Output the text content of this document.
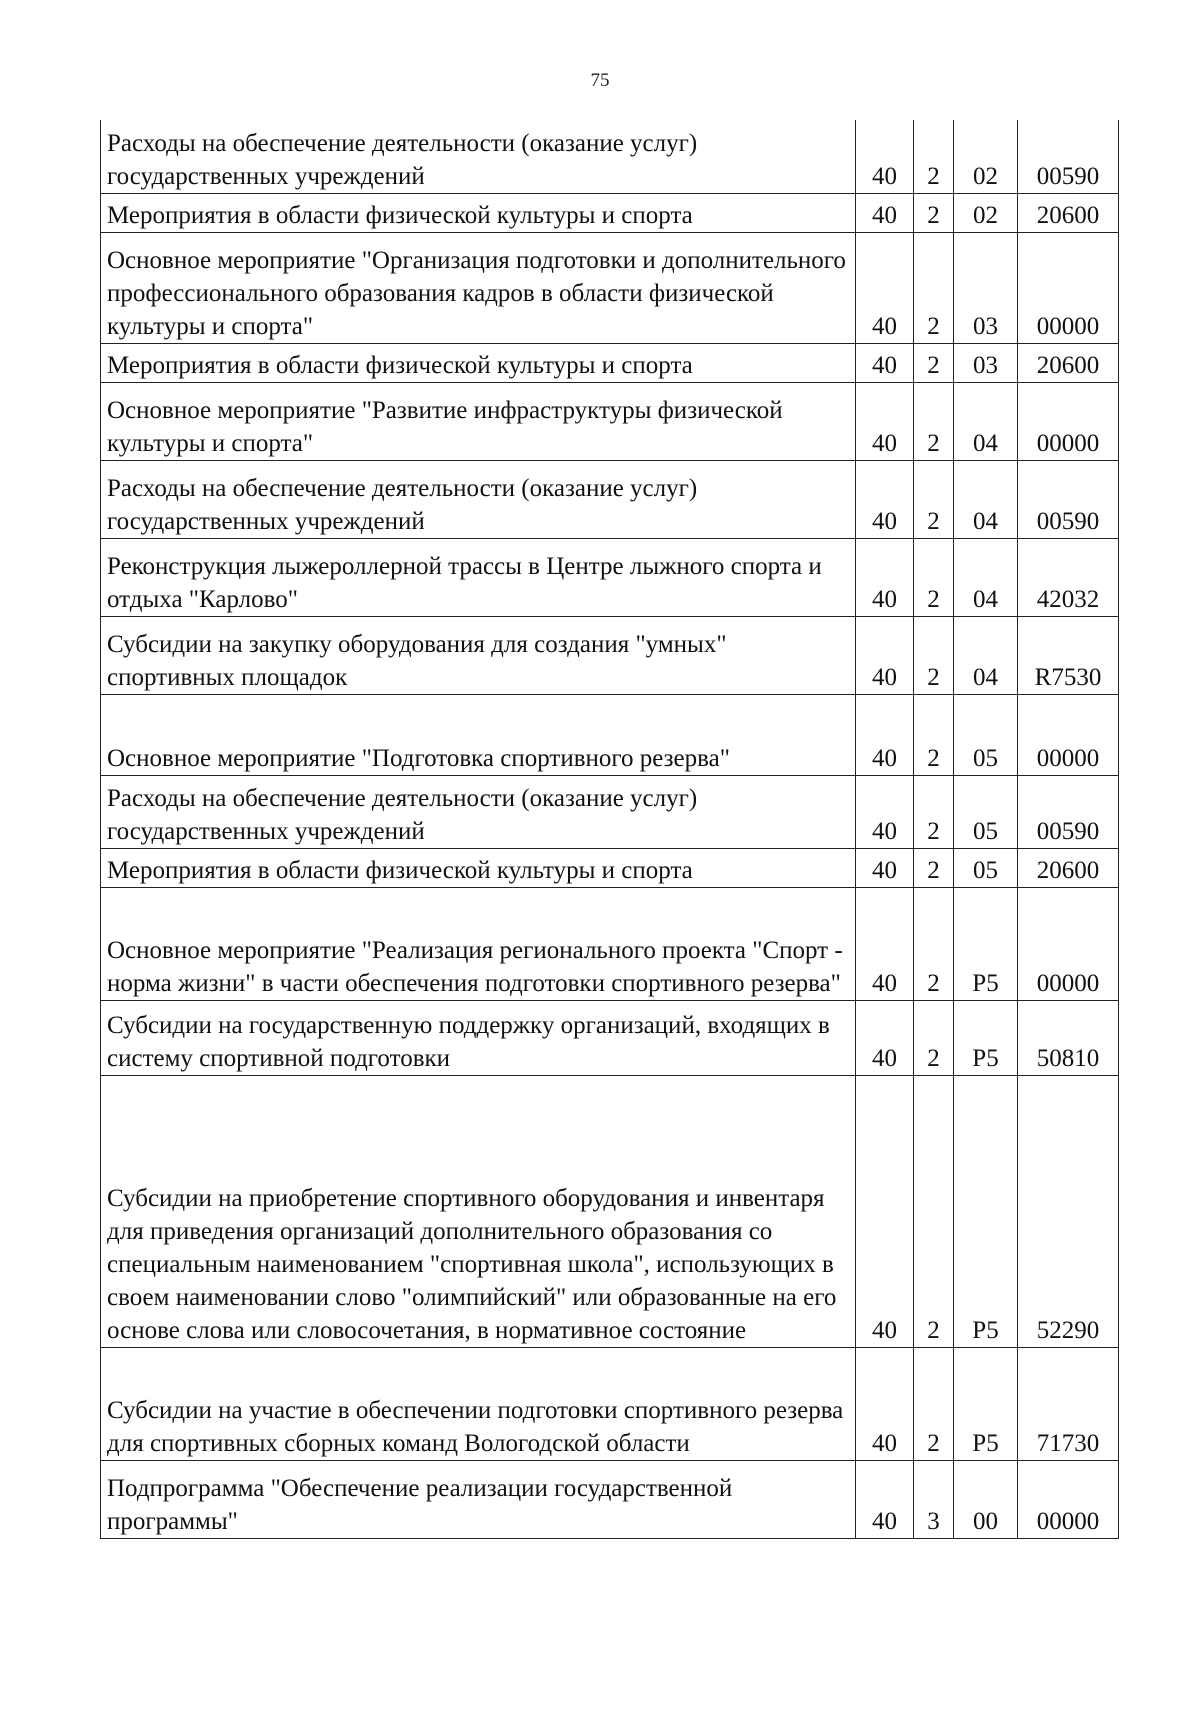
75
Расходы на обеспечение деятельности (оказание услуг) государственных учреждений	40	2	02	00590
Мероприятия в области физической культуры и спорта	40	2	02	20600
Основное мероприятие "Организация подготовки и дополнительного профессионального образования кадров в области физической культуры и спорта"	40	2	03	00000
Мероприятия в области физической культуры и спорта	40	2	03	20600
Основное мероприятие "Развитие инфраструктуры физической культуры и спорта"	40	2	04	00000
Расходы на обеспечение деятельности (оказание услуг) государственных учреждений	40	2	04	00590
Реконструкция лыжероллерной трассы в Центре лыжного спорта и отдыха "Карлово"	40	2	04	42032
Субсидии на закупку оборудования для создания "умных" спортивных площадок	40	2	04	R7530
Основное мероприятие "Подготовка спортивного резерва"	40	2	05	00000
Расходы на обеспечение деятельности (оказание услуг) государственных учреждений	40	2	05	00590
Мероприятия в области физической культуры и спорта	40	2	05	20600
Основное мероприятие "Реализация регионального проекта "Спорт - норма жизни" в части обеспечения подготовки спортивного резерва"	40	2	P5	00000
Субсидии на государственную поддержку организаций, входящих в систему спортивной подготовки	40	2	P5	50810
Субсидии на приобретение спортивного оборудования и инвентаря для приведения организаций дополнительного образования со специальным наименованием "спортивная школа", использующих в своем наименовании слово "олимпийский" или образованные на его основе слова или словосочетания, в нормативное состояние	40	2	P5	52290
Субсидии на участие в обеспечении подготовки спортивного резерва для спортивных сборных команд Вологодской области	40	2	P5	71730
Подпрограмма "Обеспечение реализации государственной программы"	40	3	00	00000
